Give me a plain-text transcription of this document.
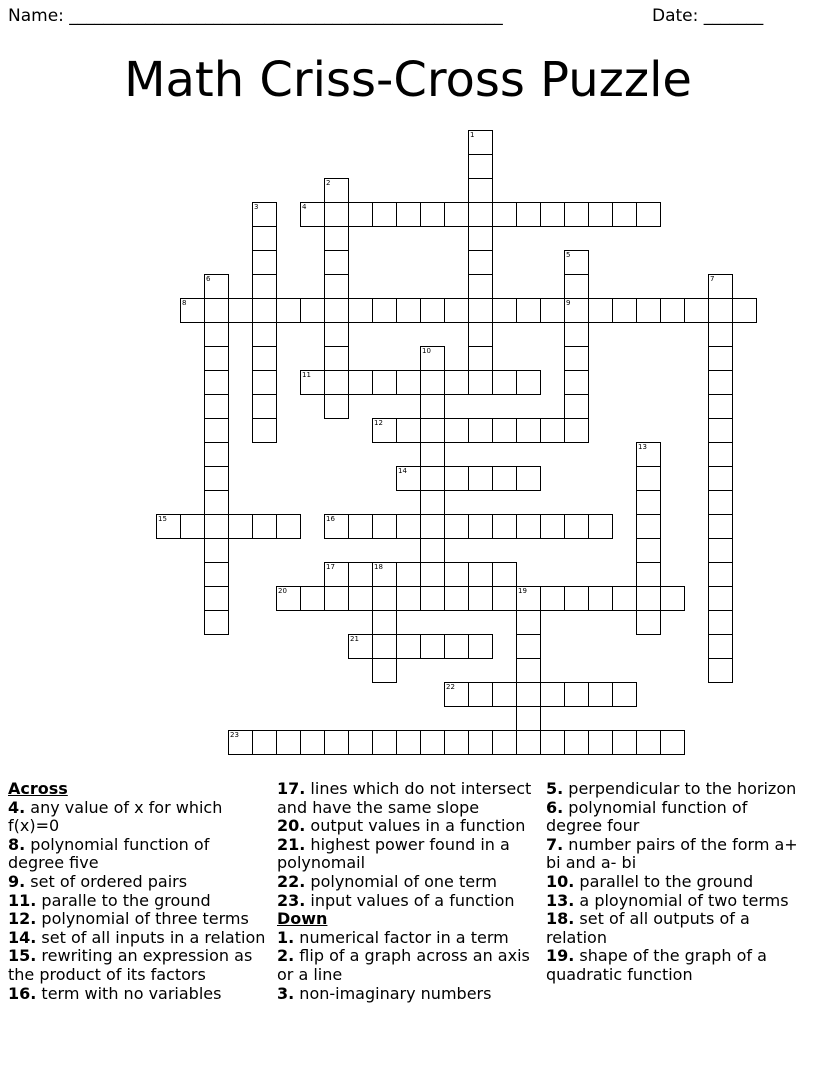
Name: ___________________________________________________	Date: _______
Math Criss-Cross Puzzle
4
8	9
11
12
14
15	16
17	18
20	19
21
22
23
1
2
3
5
6	7
10
13
Across
4. any value of x for which f(x)=0
8. polynomial function of degree five
9. set of ordered pairs
11. paralle to the ground
12. polynomial of three terms
14. set of all inputs in a relation
15. rewriting an expression as the product of its factors
16. term with no variables
17. lines which do not intersect and have the same slope
20. output values in a function
21. highest power found in a polynomail
22. polynomial of one term
23. input values of a function
Down
1. numerical factor in a term
2. flip of a graph across an axis or a line
3. non-imaginary numbers
5. perpendicular to the horizon
6. polynomial function of degree four
7. number pairs of the form a+ bi and a- bi
10. parallel to the ground
13. a ploynomial of two terms
18. set of all outputs of a relation
19. shape of the graph of a quadratic function
